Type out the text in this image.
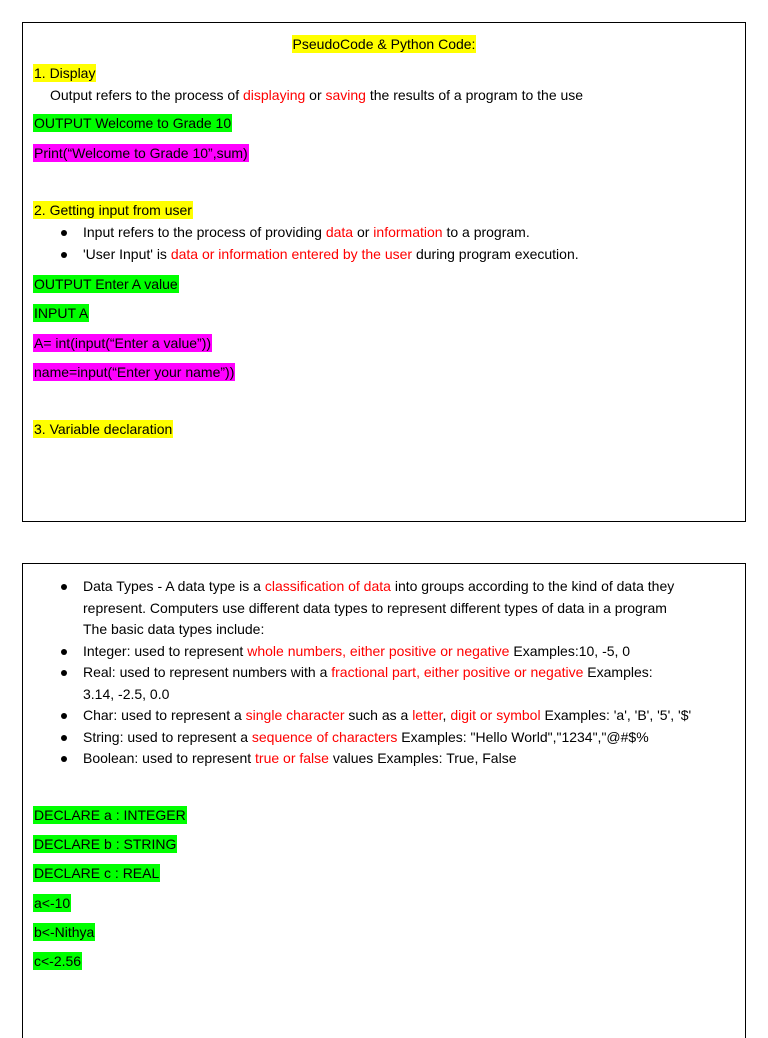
PseudoCode & Python Code:
1. Display
Output refers to the process of displaying or saving the results of a program to the use
OUTPUT Welcome to Grade 10
Print(“Welcome to Grade 10”,sum)
2. Getting input from user
Input refers to the process of providing data or information to a program.
'User Input' is data or information entered by the user during program execution.
OUTPUT Enter A value
INPUT A
A= int(input(“Enter a value”))
name=input(“Enter your name”))
3. Variable declaration
Data Types - A data type is a classification of data into groups according to the kind of data they
represent. Computers use different data types to represent different types of data in a program
The basic data types include:
Integer: used to represent whole numbers, either positive or negative Examples:10, -5, 0
Real: used to represent numbers with a fractional part, either positive or negative Examples:
3.14, -2.5, 0.0
Char: used to represent a single character such as a letter, digit or symbol Examples: 'a', 'B', '5', '$'
String: used to represent a sequence of characters Examples: "Hello World","1234","@#$%
Boolean: used to represent true or false values Examples: True, False
DECLARE a : INTEGER
DECLARE b : STRING
DECLARE c : REAL
a<-10
b<-Nithya
c<-2.56
